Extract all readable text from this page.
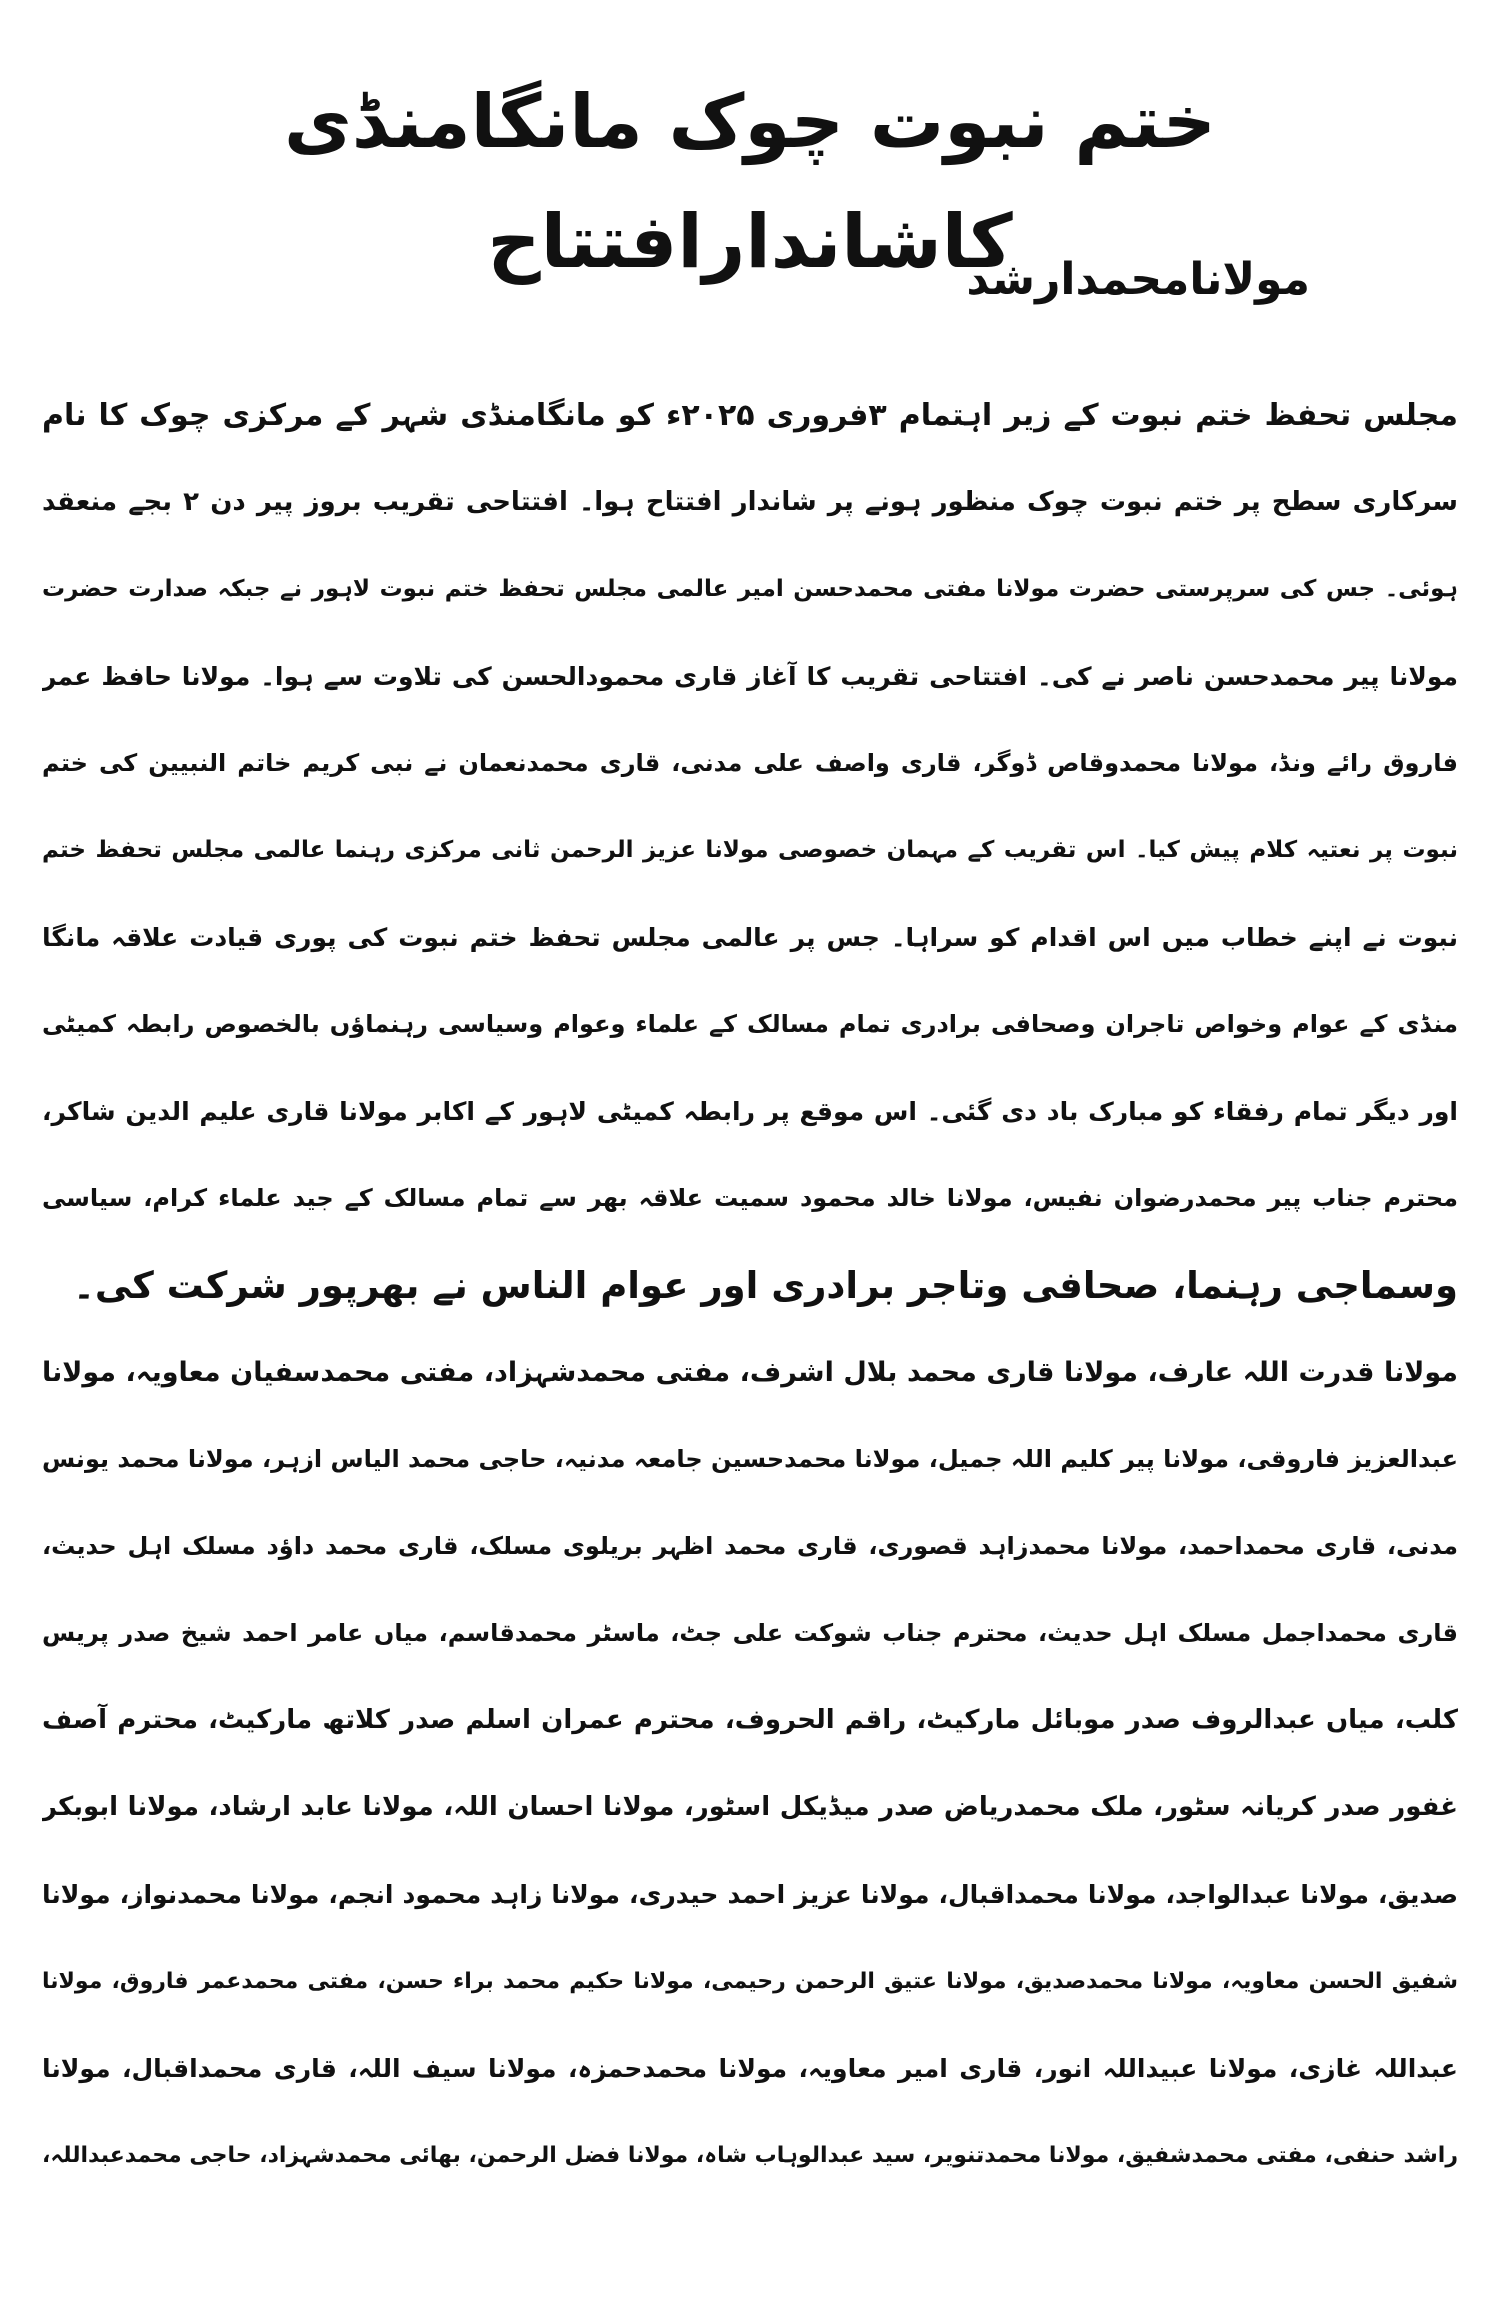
ختم نبوت چوک مانگامنڈی کاشاندارافتتاح

مولانامحمدارشد

مجلس تحفظ ختم نبوت کے زیر اہتمام ۳فروری ۲۰۲۵ء کو مانگامنڈی شہر کے مرکزی چوک کا نام
سرکاری سطح پر ختم نبوت چوک منظور ہونے پر شاندار افتتاح ہوا۔ افتتاحی تقریب بروز پیر دن ۲ بجے منعقد
ہوئی۔ جس کی سرپرستی حضرت مولانا مفتی محمدحسن امیر عالمی مجلس تحفظ ختم نبوت لاہور نے جبکہ صدارت حضرت
مولانا پیر محمدحسن ناصر نے کی۔ افتتاحی تقریب کا آغاز قاری محمودالحسن کی تلاوت سے ہوا۔ مولانا حافظ عمر
فاروق رائے ونڈ، مولانا محمدوقاص ڈوگر، قاری واصف علی مدنی، قاری محمدنعمان نے نبی کریم خاتم النبیین کی ختم
نبوت پر نعتیہ کلام پیش کیا۔ اس تقریب کے مہمان خصوصی مولانا عزیز الرحمن ثانی مرکزی رہنما عالمی مجلس تحفظ ختم
نبوت نے اپنے خطاب میں اس اقدام کو سراہا۔ جس پر عالمی مجلس تحفظ ختم نبوت کی پوری قیادت علاقہ مانگا
منڈی کے عوام وخواص تاجران وصحافی برادری تمام مسالک کے علماء وعوام وسیاسی رہنماؤں بالخصوص رابطہ کمیٹی
اور دیگر تمام رفقاء کو مبارک باد دی گئی۔ اس موقع پر رابطہ کمیٹی لاہور کے اکابر مولانا قاری علیم الدین شاکر،
محترم جناب پیر محمدرضوان نفیس، مولانا خالد محمود سمیت علاقہ بھر سے تمام مسالک کے جید علماء کرام، سیاسی
وسماجی رہنما، صحافی وتاجر برادری اور عوام الناس نے بھرپور شرکت کی۔

مولانا قدرت اللہ عارف، مولانا قاری محمد بلال اشرف، مفتی محمدشہزاد، مفتی محمدسفیان معاویہ، مولانا
عبدالعزیز فاروقی، مولانا پیر کلیم اللہ جمیل، مولانا محمدحسین جامعہ مدنیہ، حاجی محمد الیاس ازہر، مولانا محمد یونس
مدنی، قاری محمداحمد، مولانا محمدزاہد قصوری، قاری محمد اظہر بریلوی مسلک، قاری محمد داؤد مسلک اہل حدیث،
قاری محمداجمل مسلک اہل حدیث، محترم جناب شوکت علی جٹ، ماسٹر محمدقاسم، میاں عامر احمد شیخ صدر پریس
کلب، میاں عبدالروف صدر موبائل مارکیٹ، راقم الحروف، محترم عمران اسلم صدر کلاتھ مارکیٹ، محترم آصف
غفور صدر کریانہ سٹور، ملک محمدریاض صدر میڈیکل اسٹور، مولانا احسان اللہ، مولانا عابد ارشاد، مولانا ابوبکر
صدیق، مولانا عبدالواجد، مولانا محمداقبال، مولانا عزیز احمد حیدری، مولانا زاہد محمود انجم، مولانا محمدنواز، مولانا
شفیق الحسن معاویہ، مولانا محمدصدیق، مولانا عتیق الرحمن رحیمی، مولانا حکیم محمد براء حسن، مفتی محمدعمر فاروق، مولانا
عبداللہ غازی، مولانا عبیداللہ انور، قاری امیر معاویہ، مولانا محمدحمزہ، مولانا سیف اللہ، قاری محمداقبال، مولانا
راشد حنفی، مفتی محمدشفیق، مولانا محمدتنویر، سید عبدالوہاب شاہ، مولانا فضل الرحمن، بھائی محمدشہزاد، حاجی محمدعبداللہ،
